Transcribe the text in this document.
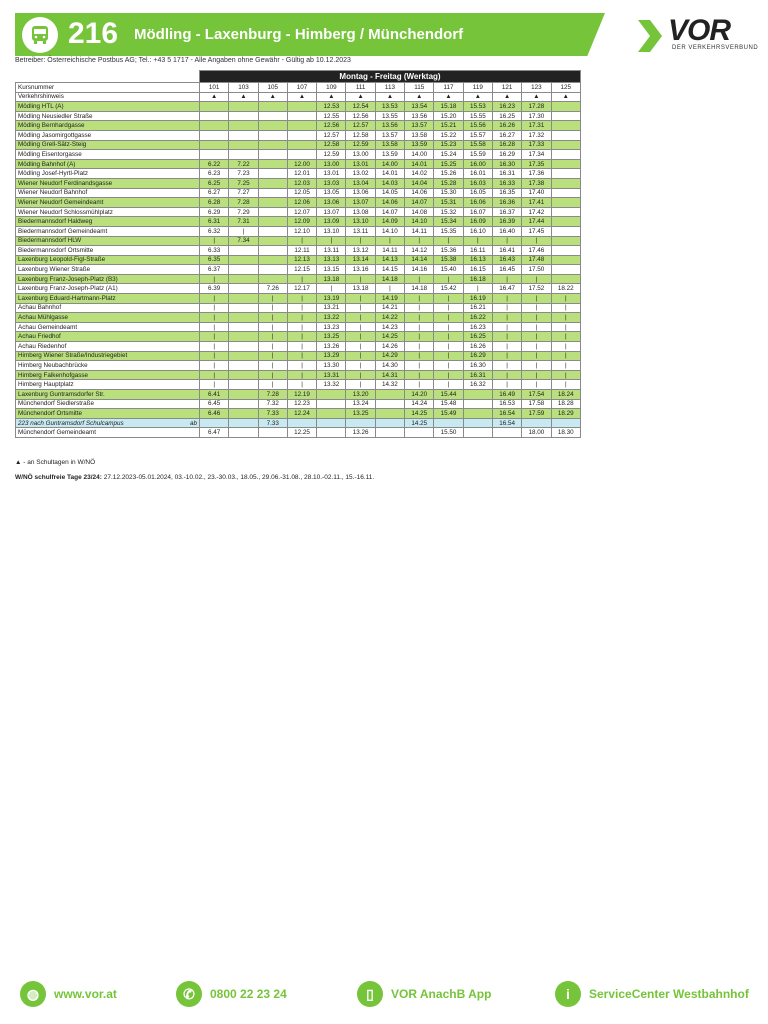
216 Mödling - Laxenburg - Himberg / Münchendorf	VOR
DER VERKEHRSVERBUND
Betreiber: Österreichische Postbus AG; Tel.: +43 5 1717 - Alle Angaben ohne Gewähr - Gültig ab 10.12.2023
	Montag - Freitag (Werktag)												
Kursnummer	101	103	105	107	109	111	113	115	117	119	121	123	125
Verkehrshinweis	▲	▲	▲	▲	▲	▲	▲	▲	▲	▲	▲	▲	▲
Mödling HTL (A)					12.53	12.54	13.53	13.54	15.18	15.53	16.23	17.28	
Mödling Neusiedler Straße					12.55	12.56	13.55	13.56	15.20	15.55	16.25	17.30	
Mödling Bernhardgasse					12.56	12.57	13.56	13.57	15.21	15.56	16.26	17.31	
Mödling Jasomirgottgasse					12.57	12.58	13.57	13.58	15.22	15.57	16.27	17.32	
Mödling Grell-Sätz-Steig					12.58	12.59	13.58	13.59	15.23	15.58	16.28	17.33	
Mödling Eisentorgasse					12.59	13.00	13.59	14.00	15.24	15.59	16.29	17.34	
Mödling Bahnhof (A)	6.22	7.22		12.00	13.00	13.01	14.00	14.01	15.25	16.00	16.30	17.35	
Mödling Josef-Hyrtl-Platz	6.23	7.23		12.01	13.01	13.02	14.01	14.02	15.26	16.01	16.31	17.36	
Wiener Neudorf Ferdinandsgasse	6.25	7.25		12.03	13.03	13.04	14.03	14.04	15.28	16.03	16.33	17.38	
Wiener Neudorf Bahnhof	6.27	7.27		12.05	13.05	13.06	14.05	14.06	15.30	16.05	16.35	17.40	
Wiener Neudorf Gemeindeamt	6.28	7.28		12.06	13.06	13.07	14.06	14.07	15.31	16.06	16.36	17.41	
Wiener Neudorf Schlossmühlplatz	6.29	7.29		12.07	13.07	13.08	14.07	14.08	15.32	16.07	16.37	17.42	
Biedermannsdorf Haldweg	6.31	7.31		12.09	13.09	13.10	14.09	14.10	15.34	16.09	16.39	17.44	
Biedermannsdorf Gemeindeamt	6.32	|		12.10	13.10	13.11	14.10	14.11	15.35	16.10	16.40	17.45	
Biedermannsdorf HLW	|	7.34		|	|	|	|	|	|	|	|	|	
Biedermannsdorf Ortsmitte	6.33			12.11	13.11	13.12	14.11	14.12	15.36	16.11	16.41	17.46	
Laxenburg Leopold-Figl-Straße	6.35			12.13	13.13	13.14	14.13	14.14	15.38	16.13	16.43	17.48	
Laxenburg Wiener Straße	6.37			12.15	13.15	13.16	14.15	14.16	15.40	16.15	16.45	17.50	
Laxenburg Franz-Joseph-Platz (B3)	|			|	13.18	|	14.18	|	|	16.18	|	|	
Laxenburg Franz-Joseph-Platz (A1)	6.39		7.26	12.17	|	13.18	|	14.18	15.42	|	16.47	17.52	18.22
Laxenburg Eduard-Hartmann-Platz	|		|	|	13.19	|	14.19	|	|	16.19	|	|	|
Achau Bahnhof	|		|	|	13.21	|	14.21	|	|	16.21	|	|	|
Achau Mühlgasse	|		|	|	13.22	|	14.22	|	|	16.22	|	|	|
Achau Gemeindeamt	|		|	|	13.23	|	14.23	|	|	16.23	|	|	|
Achau Friedhof	|		|	|	13.25	|	14.25	|	|	16.25	|	|	|
Achau Riedenhof	|		|	|	13.26	|	14.26	|	|	16.26	|	|	|
Himberg Wiener Straße/Industriegebiet	|		|	|	13.29	|	14.29	|	|	16.29	|	|	|
Himberg Neubachbrücke	|		|	|	13.30	|	14.30	|	|	16.30	|	|	|
Himberg Falkenhofgasse	|		|	|	13.31	|	14.31	|	|	16.31	|	|	|
Himberg Hauptplatz	|		|	|	13.32	|	14.32	|	|	16.32	|	|	|
Laxenburg Guntramsdorfer Str.	6.41		7.28	12.19		13.20		14.20	15.44		16.49	17.54	18.24
Münchendorf Siedlerstraße	6.45		7.32	12.23		13.24		14.24	15.48		16.53	17.58	18.28
Münchendorf Ortsmitte	6.46		7.33	12.24		13.25		14.25	15.49		16.54	17.59	18.29
223 nach Guntramsdorf Schulcampus ab			7.33					14.25			16.54		
Münchendorf Gemeindeamt	6.47			12.25		13.26			15.50			18.00	18.30
▲ - an Schultagen in W/NÖ
W/NÖ schulfreie Tage 23/24: 27.12.2023-05.01.2024, 03.-10.02., 23.-30.03., 18.05., 29.06.-31.08., 28.10.-02.11., 15.-16.11.
◍	www.vor.at	✆	0800 22 23 24	▯	VOR AnachB App	i	ServiceCenter Westbahnhof
